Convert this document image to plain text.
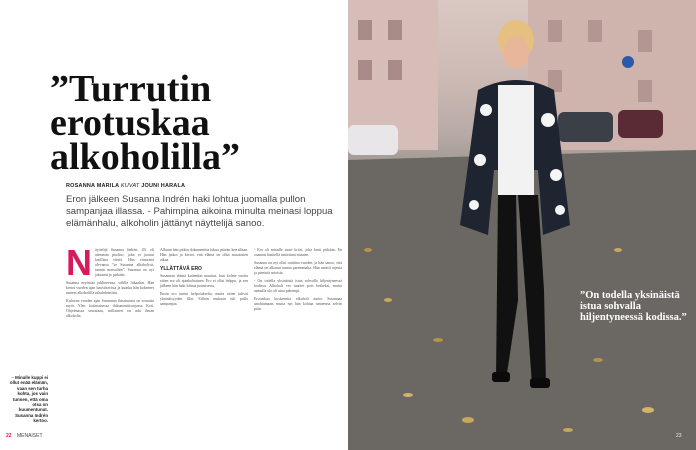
”Turrutin
erotuskaa
alkoholilla”
ROSANNA MARILA KUVAT JOUNI HARALA

Eron jälkeen Susanna Indrén haki lohtua juomalla pullon sampanjaa illassa. - Pahimpina aikoina minulta meinasi loppua elämänhalu, alkoholin jättänyt näyttelijä sanoo.

N äyttelijä Susanna Indrén, 49, oli aiemmin puoliso, joka ei juonut lasillista viiniä. Hän viimeistä olevansa ”se Susanna alkoholisti, tunnin maisoihin”. Susanna on nyt jaksanut jo pitkään.

Susanna myöntää juhlineensa, välillä liikaakin. Hän kertoi vuoden ajan hauvittavista ja kuinka hän kokeneet tunteet alkoholilla tukahdutettiin.

Kuluvan vuoden ajan Susannan ilmaisuista on seurattu myös Ylen kotimaisessa dokumenttisarjassa Koti. Ohjelmassa seurataan, millainen on arki ilman alkoholia.

Alkuun hän pitkin dokumenttia lukua päivän kerrallaan. Hän jatkoi ja kertoi, että elämä on ollut muutosten aikaa.

YLLÄTTÄVÄ ERO

Susannan elämä kuitenkin muuttui, kun kolme vuotta sitten ero oli ajankohtainen. Ero ei ollut helppo, ja sen jälkeen hän haki lohtua juomisesta.

Ensin ero tuntui helpotukselta, mutta sitten tulivat yksinäisyyden illat. Silloin mukaan tuli pullo sampanjaa.

- Ero oli minulle suuri kriisi, joka kesti pitkään. En osannut käsitellä tunteitani muuten.

Susanna on nyt ollut raittiina vuoden, ja hän sanoo, että elämä on alkanut tuntua paremmalta. Hän nauttii arjesta ja pienistä asioista.

- On todella yksinäistä istua sohvalla hiljentyneessä kodissa. Alkoholi vei tunteet pois hetkeksi, mutta aamulla olo oli aina pahempi.

Erotuskaa koskeneita alkoholi auttoi Susannaa unohtamaan, mutta nyt hän kohtaa tunteensa selvin päin.

– Minulle kuppi ei ollut enää elämän, vaan sen turha kohta, jos vain tunnen, että oma otsa on kuumentunut. Susanna Indrén kertoo.
22 MENAISET
”On todella yksinäistä istua sohvalla hiljentyneessä kodissa.”
23
